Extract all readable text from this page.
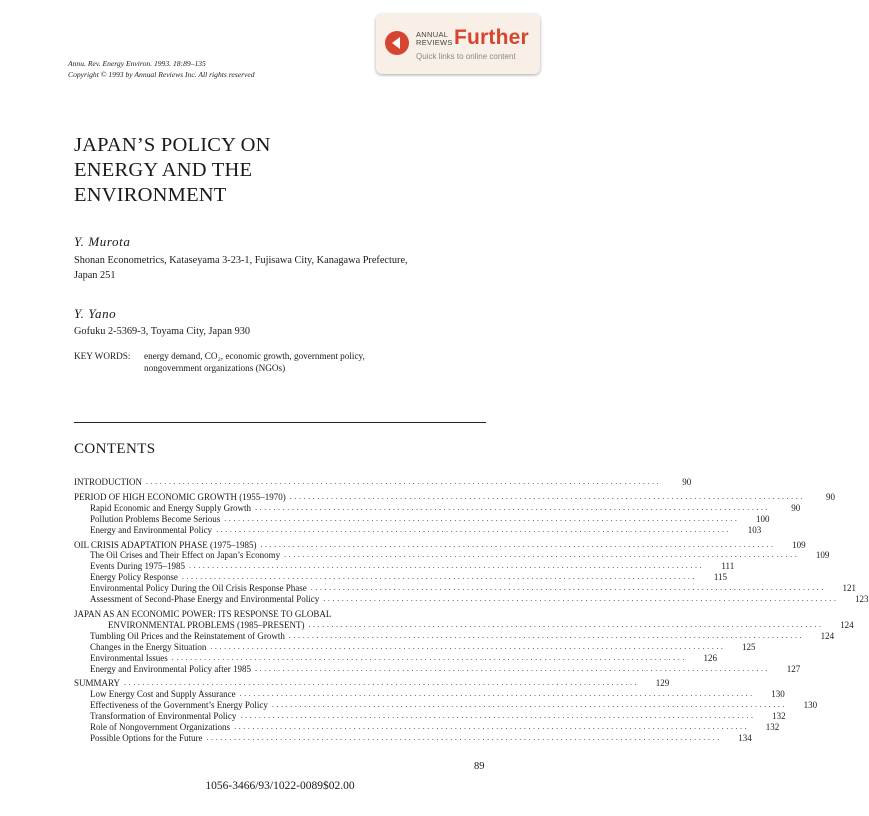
ANNUAL
REVIEWS Further
Quick links to online content
Annu. Rev. Energy Environ. 1993. 18:89–135
Copyright © 1993 by Annual Reviews Inc. All rights reserved
JAPAN’S POLICY ON
ENERGY AND THE
ENVIRONMENT
Y. Murota
Shonan Econometrics, Kataseyama 3-23-1, Fujisawa City, Kanagawa Prefecture,
Japan 251
Y. Yano
Gofuku 2-5369-3, Toyama City, Japan 930
KEY WORDS: energy demand, CO₂, economic growth, government policy,
nongovernment organizations (NGOs)
CONTENTS
INTRODUCTION ................................................................................................................	90
PERIOD OF HIGH ECONOMIC GROWTH (1955–1970) ................................................................................................................	90
Rapid Economic and Energy Supply Growth ................................................................................................................	90
Pollution Problems Become Serious ................................................................................................................	100
Energy and Environmental Policy ................................................................................................................	103
OIL CRISIS ADAPTATION PHASE (1975–1985) ................................................................................................................	109
The Oil Crises and Their Effect on Japan’s Economy ................................................................................................................	109
Events During 1975–1985 ................................................................................................................	111
Energy Policy Response ................................................................................................................	115
Environmental Policy During the Oil Crisis Response Phase ................................................................................................................	121
Assessment of Second-Phase Energy and Environmental Policy ................................................................................................................	123
JAPAN AS AN ECONOMIC POWER: ITS RESPONSE TO GLOBAL
ENVIRONMENTAL PROBLEMS (1985–PRESENT) ................................................................................................................	124
Tumbling Oil Prices and the Reinstatement of Growth ................................................................................................................	124
Changes in the Energy Situation ................................................................................................................	125
Environmental Issues ................................................................................................................	126
Energy and Environmental Policy after 1985 ................................................................................................................	127
SUMMARY ................................................................................................................	129
Low Energy Cost and Supply Assurance ................................................................................................................	130
Effectiveness of the Government’s Energy Policy ................................................................................................................	130
Transformation of Environmental Policy ................................................................................................................	132
Role of Nongovernment Organizations ................................................................................................................	132
Possible Options for the Future ................................................................................................................	134
89
1056-3466/93/1022-0089$02.00
